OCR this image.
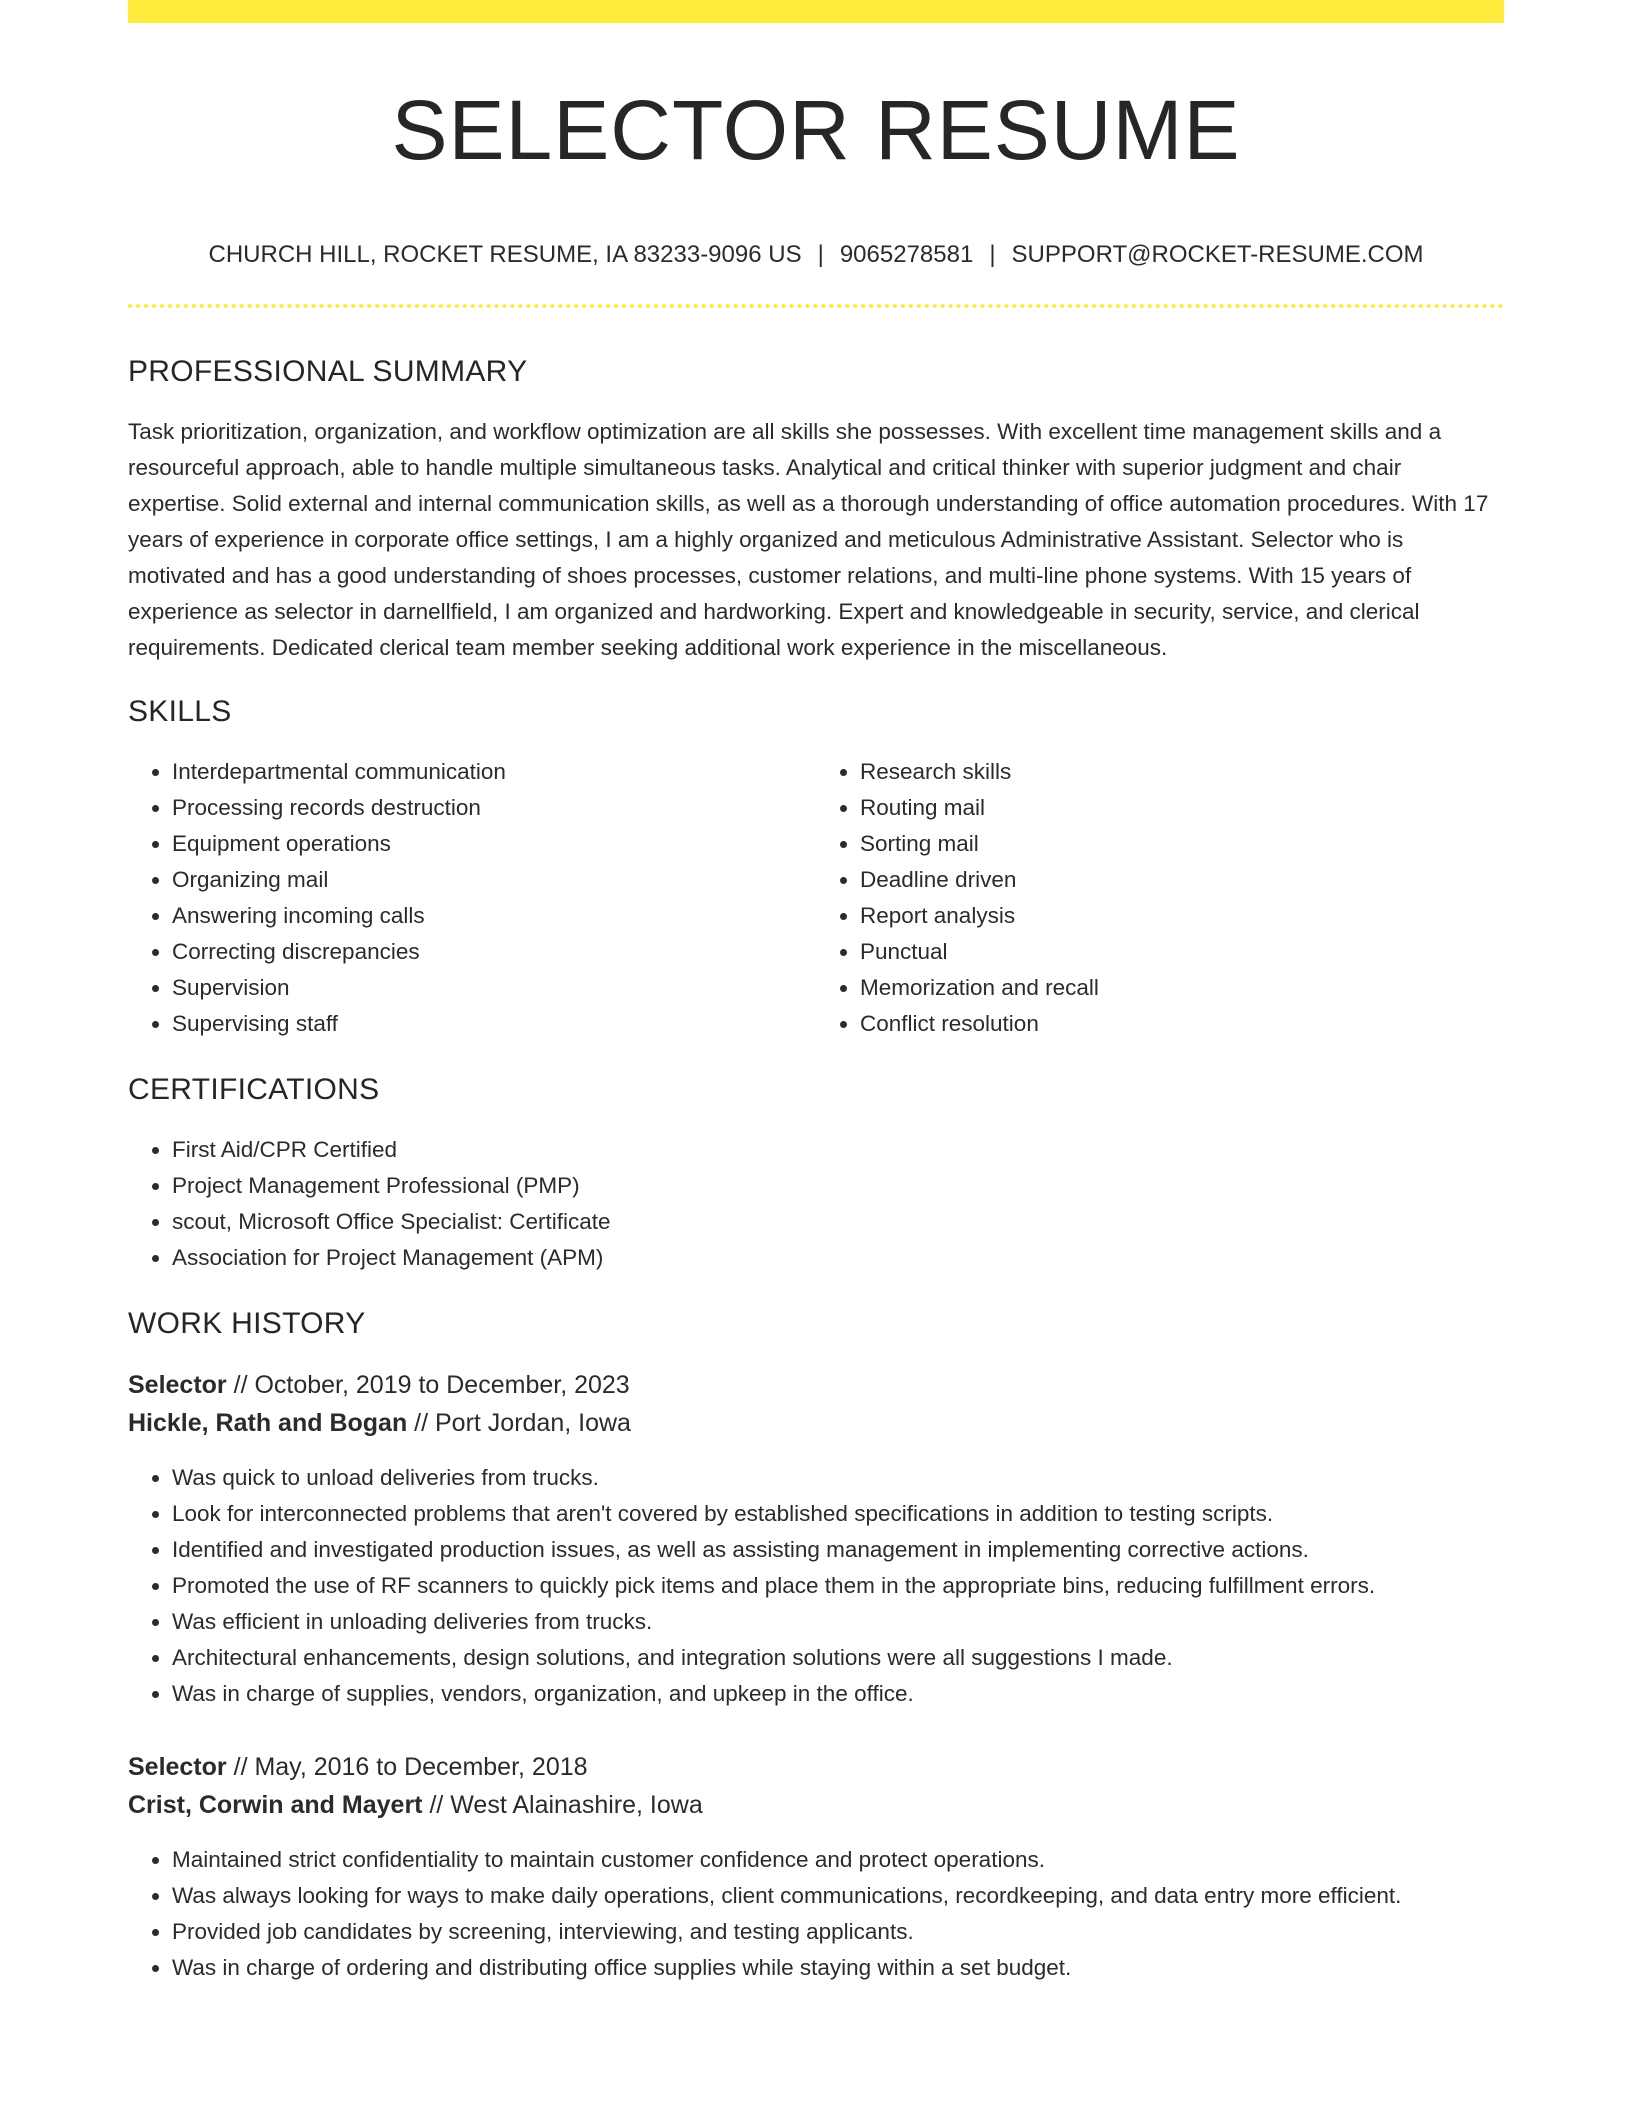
SELECTOR RESUME
CHURCH HILL, ROCKET RESUME, IA 83233-9096 US | 9065278581 | SUPPORT@ROCKET-RESUME.COM
PROFESSIONAL SUMMARY

Task prioritization, organization, and workflow optimization are all skills she possesses. With excellent time management skills and a resourceful approach, able to handle multiple simultaneous tasks. Analytical and critical thinker with superior judgment and chair expertise. Solid external and internal communication skills, as well as a thorough understanding of office automation procedures. With 17 years of experience in corporate office settings, I am a highly organized and meticulous Administrative Assistant. Selector who is motivated and has a good understanding of shoes processes, customer relations, and multi-line phone systems. With 15 years of experience as selector in darnellfield, I am organized and hardworking. Expert and knowledgeable in security, service, and clerical requirements. Dedicated clerical team member seeking additional work experience in the miscellaneous.

SKILLS
• Interdepartmental communication
• Processing records destruction
• Equipment operations
• Organizing mail
• Answering incoming calls
• Correcting discrepancies
• Supervision
• Supervising staff
• Research skills
• Routing mail
• Sorting mail
• Deadline driven
• Report analysis
• Punctual
• Memorization and recall
• Conflict resolution
CERTIFICATIONS
• First Aid/CPR Certified
• Project Management Professional (PMP)
• scout, Microsoft Office Specialist: Certificate
• Association for Project Management (APM)
WORK HISTORY
Selector // October, 2019 to December, 2023
Hickle, Rath and Bogan // Port Jordan, Iowa
• Was quick to unload deliveries from trucks.
• Look for interconnected problems that aren't covered by established specifications in addition to testing scripts.
• Identified and investigated production issues, as well as assisting management in implementing corrective actions.
• Promoted the use of RF scanners to quickly pick items and place them in the appropriate bins, reducing fulfillment errors.
• Was efficient in unloading deliveries from trucks.
• Architectural enhancements, design solutions, and integration solutions were all suggestions I made.
• Was in charge of supplies, vendors, organization, and upkeep in the office.
Selector // May, 2016 to December, 2018
Crist, Corwin and Mayert // West Alainashire, Iowa
• Maintained strict confidentiality to maintain customer confidence and protect operations.
• Was always looking for ways to make daily operations, client communications, recordkeeping, and data entry more efficient.
• Provided job candidates by screening, interviewing, and testing applicants.
• Was in charge of ordering and distributing office supplies while staying within a set budget.
